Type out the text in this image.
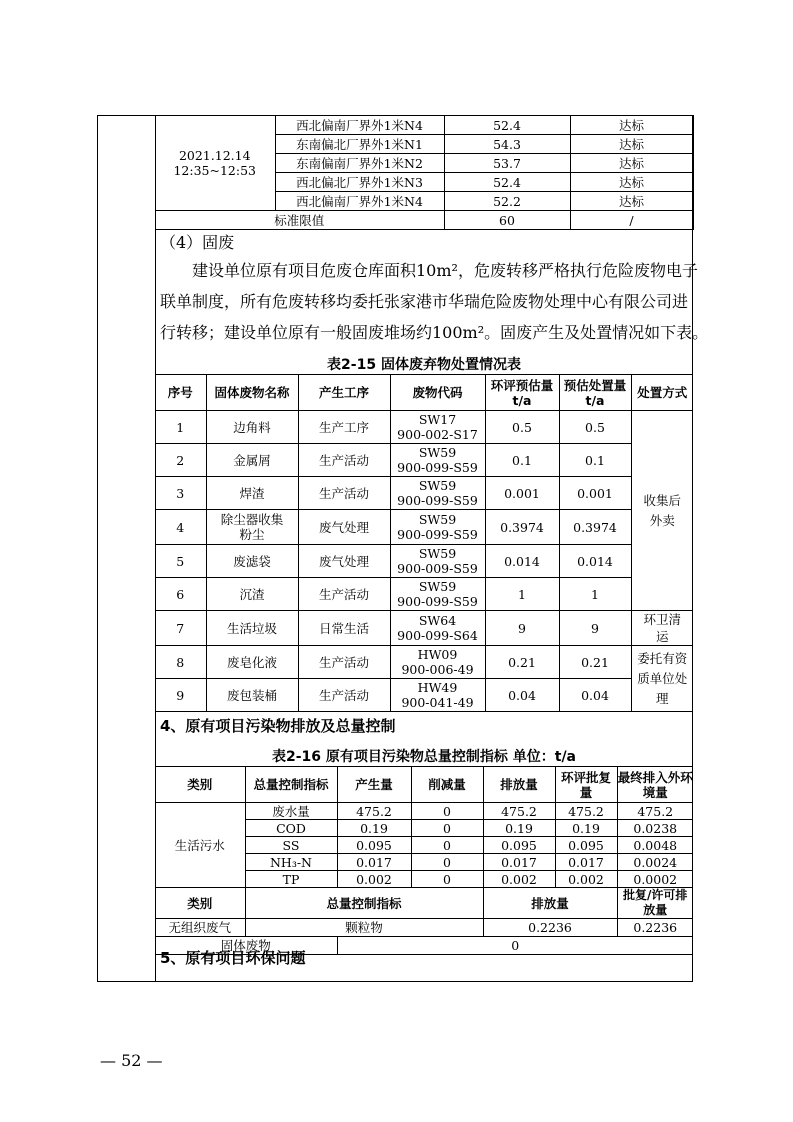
2021.12.14
12:35~12:53	西北偏南厂界外1米N4	52.4	达标
	东南偏北厂界外1米N1	54.3	达标
	东南偏南厂界外1米N2	53.7	达标
	西北偏北厂界外1米N3	52.4	达标
	西北偏南厂界外1米N4	52.2	达标
标准限值		60	/
（4）固废
建设单位原有项目危废仓库面积10m²，危废转移严格执行危险废物电子
联单制度，所有危废转移均委托张家港市华瑞危险废物处理中心有限公司进
行转移；建设单位原有一般固废堆场约100m²。固废产生及处置情况如下表。
表2-15 固体废弃物处置情况表
序号	固体废物名称	产生工序	废物代码	环评预估量t/a	预估处置量t/a	处置方式
1	边角料	生产工序	SW17
900-002-S17	0.5	0.5	收集后外卖

2	金属屑	生产活动	SW59
900-099-S59	0.1	0.1	
3	焊渣	生产活动	SW59
900-099-S59	0.001	0.001	
4	除尘器收集粉尘	废气处理	SW59
900-099-S59	0.3974	0.3974	
5	废滤袋	废气处理	SW59
900-009-S59	0.014	0.014	
6	沉渣	生产活动	SW59
900-099-S59	1	1	
7	生活垃圾	日常生活	SW64
900-099-S64	9	9	环卫清运

8	废皂化液	生产活动	HW09
900-006-49	0.21	0.21	委托有资质单位处理

9	废包装桶	生产活动	HW49
900-041-49	0.04	0.04	
4、原有项目污染物排放及总量控制
表2-16 原有项目污染物总量控制指标 单位：t/a
类别	总量控制指标	产生量	削减量	排放量	环评批复量	最终排入外环境量
生活污水	废水量	475.2	0	475.2	475.2	475.2
	COD	0.19	0	0.19	0.19	0.0238
	SS	0.095	0	0.095	0.095	0.0048
	NH₃-N	0.017	0	0.017	0.017	0.0024
	TP	0.002	0	0.002	0.002	0.0002
类别	总量控制指标			排放量		批复/许可排放量
无组织废气	颗粒物			0.2236		0.2236
固体废物		0				
5、原有项目环保问题
— 52 —
